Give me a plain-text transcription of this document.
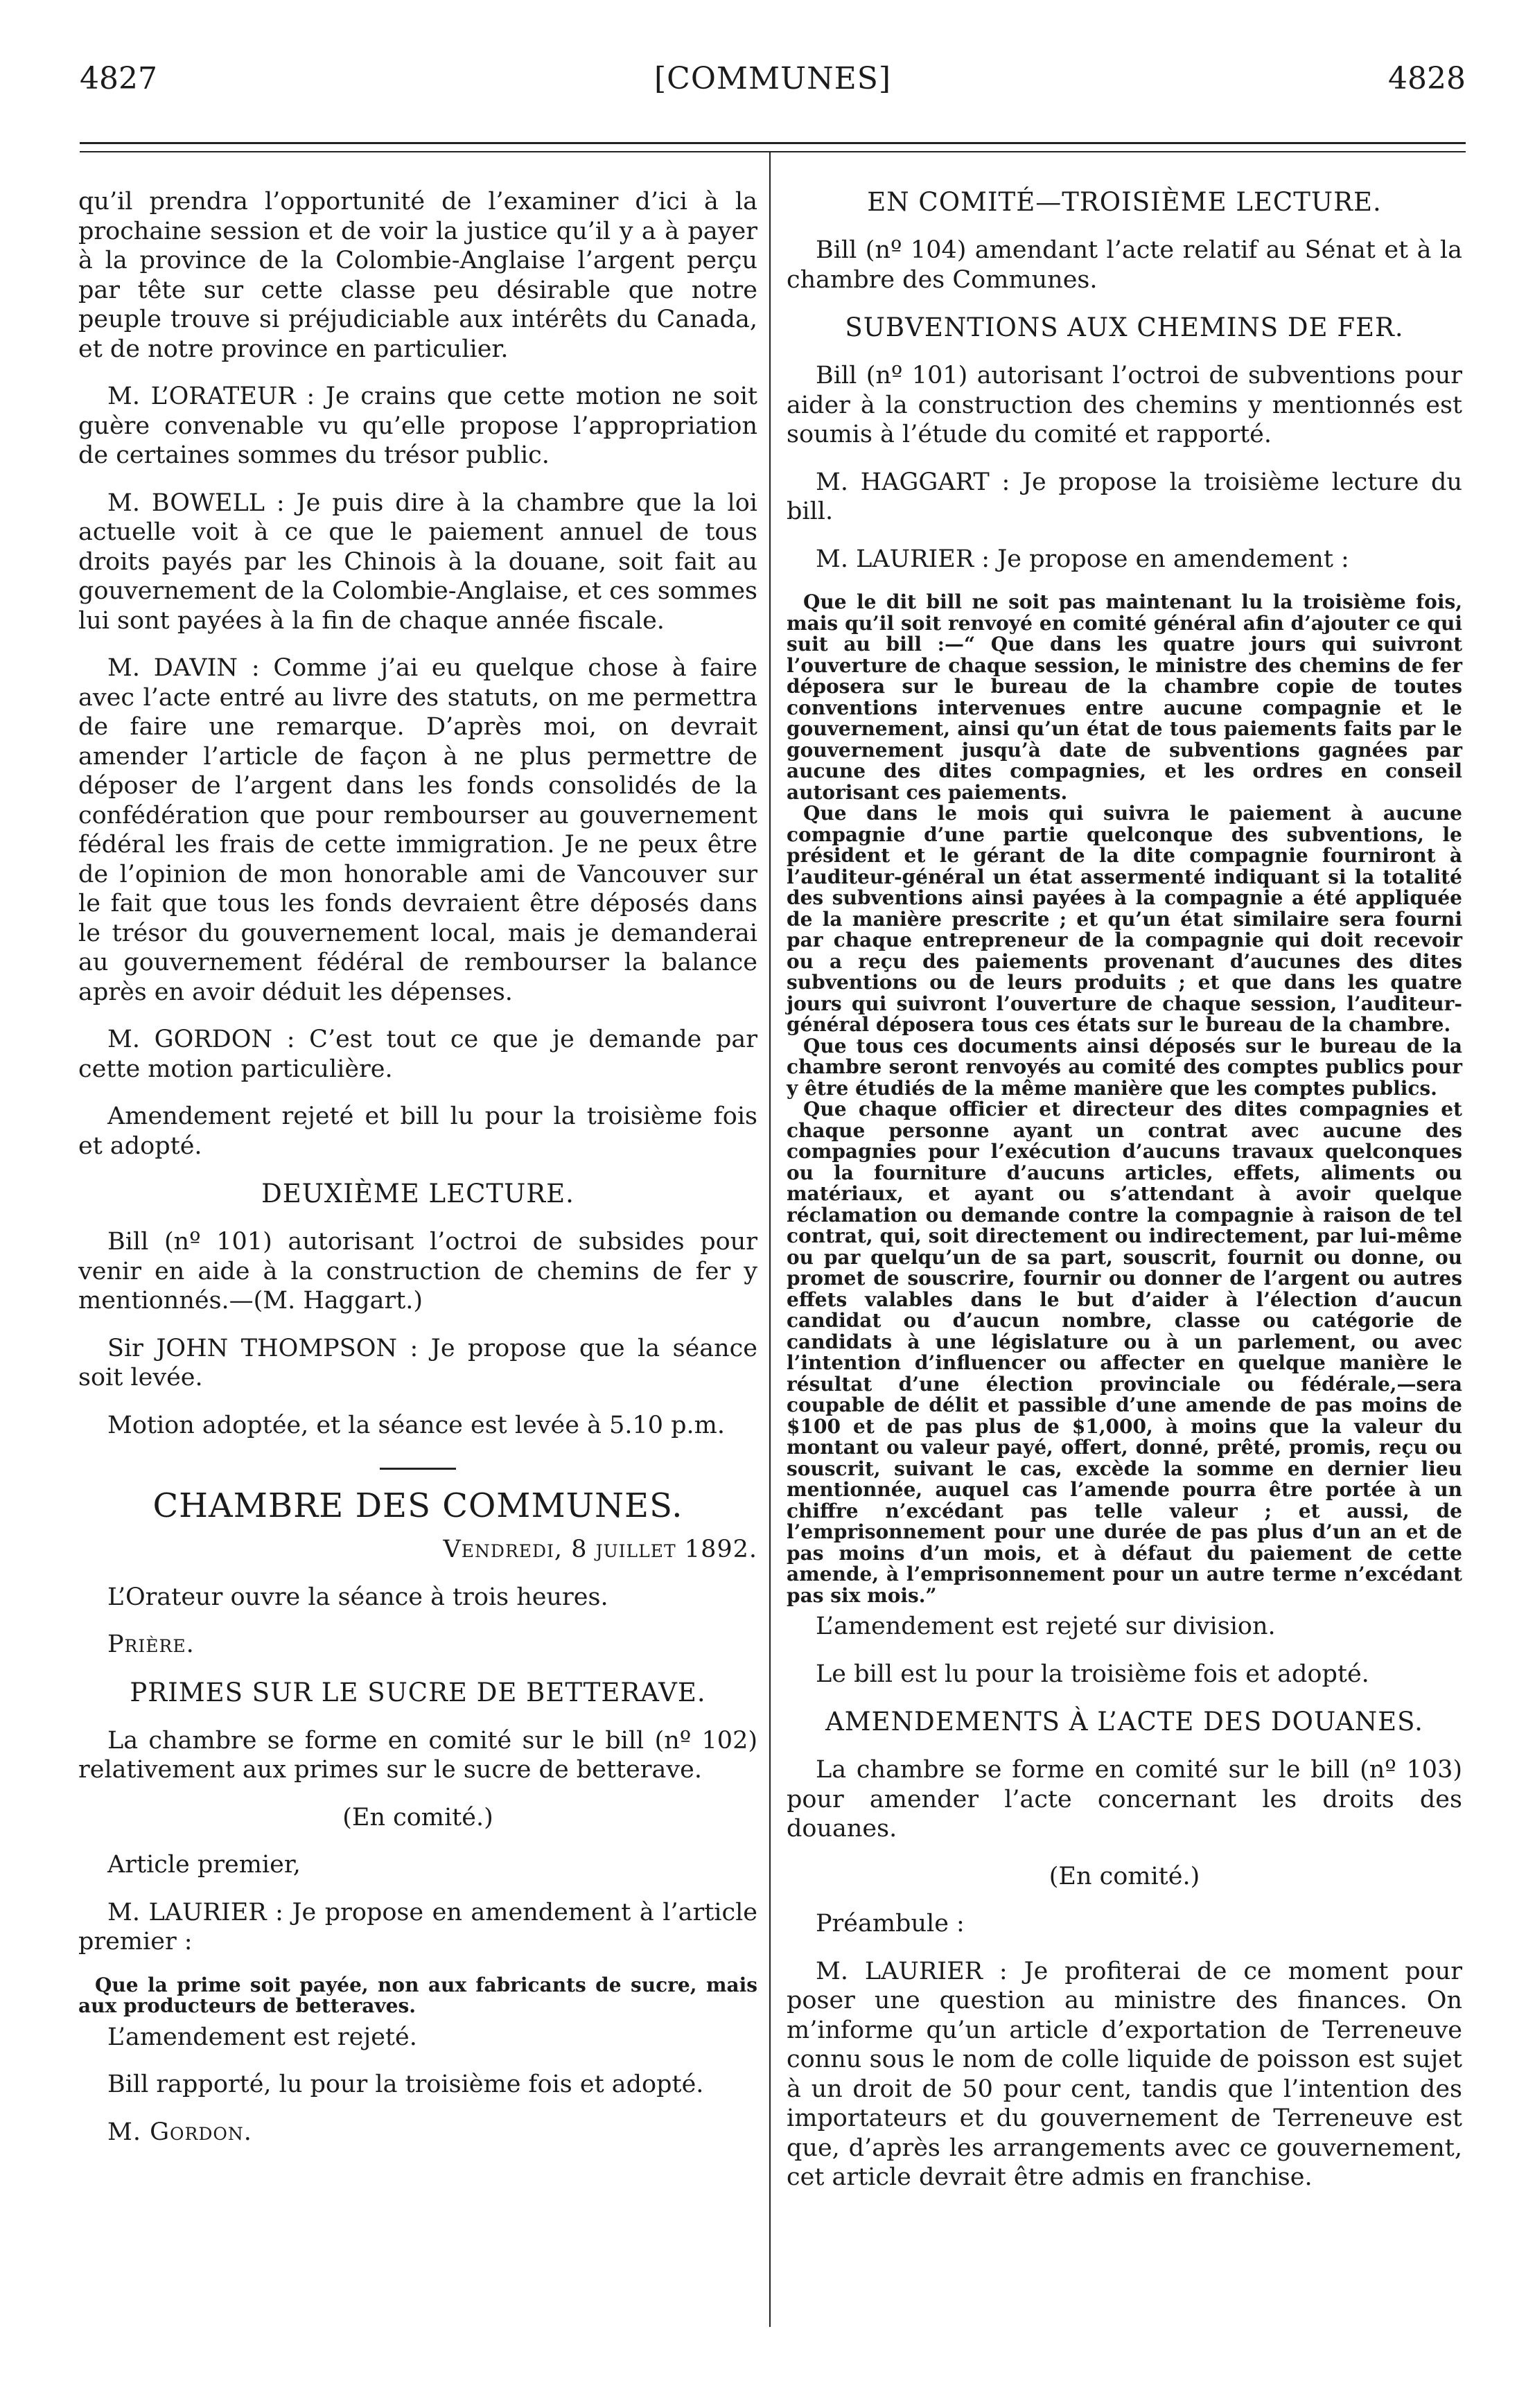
4827	[COMMUNES]	4828

qu’il prendra l’opportunité de l’examiner d’ici à la prochaine session et de voir la justice qu’il y a à payer à la province de la Colombie-Anglaise l’argent perçu par tête sur cette classe peu désirable que notre peuple trouve si préjudiciable aux intérêts du Canada, et de notre province en particulier.

M. L’ORATEUR : Je crains que cette motion ne soit guère convenable vu qu’elle propose l’appropriation de certaines sommes du trésor public.

M. BOWELL : Je puis dire à la chambre que la loi actuelle voit à ce que le paiement annuel de tous droits payés par les Chinois à la douane, soit fait au gouvernement de la Colombie-Anglaise, et ces sommes lui sont payées à la fin de chaque année fiscale.

M. DAVIN : Comme j’ai eu quelque chose à faire avec l’acte entré au livre des statuts, on me permettra de faire une remarque. D’après moi, on devrait amender l’article de façon à ne plus permettre de déposer de l’argent dans les fonds consolidés de la confédération que pour rembourser au gouvernement fédéral les frais de cette immigration. Je ne peux être de l’opinion de mon honorable ami de Vancouver sur le fait que tous les fonds devraient être déposés dans le trésor du gouvernement local, mais je demanderai au gouvernement fédéral de rembourser la balance après en avoir déduit les dépenses.

M. GORDON : C’est tout ce que je demande par cette motion particulière.

Amendement rejeté et bill lu pour la troisième fois et adopté.

DEUXIÈME LECTURE.

Bill (nº 101) autorisant l’octroi de subsides pour venir en aide à la construction de chemins de fer y mentionnés.—(M. Haggart.)

Sir JOHN THOMPSON : Je propose que la séance soit levée.

Motion adoptée, et la séance est levée à 5.10 p.m.

CHAMBRE DES COMMUNES.

Vendredi, 8 juillet 1892.

L’Orateur ouvre la séance à trois heures.

Prière.

PRIMES SUR LE SUCRE DE BETTERAVE.

La chambre se forme en comité sur le bill (nº 102) relativement aux primes sur le sucre de betterave.

(En comité.)

Article premier,

M. LAURIER : Je propose en amendement à l’article premier :

Que la prime soit payée, non aux fabricants de sucre, mais aux producteurs de betteraves.

L’amendement est rejeté.

Bill rapporté, lu pour la troisième fois et adopté.

M. Gordon.

EN COMITÉ—TROISIÈME LECTURE.

Bill (nº 104) amendant l’acte relatif au Sénat et à la chambre des Communes.

SUBVENTIONS AUX CHEMINS DE FER.

Bill (nº 101) autorisant l’octroi de subventions pour aider à la construction des chemins y mentionnés est soumis à l’étude du comité et rapporté.

M. HAGGART : Je propose la troisième lecture du bill.

M. LAURIER : Je propose en amendement :

Que le dit bill ne soit pas maintenant lu la troisième fois, mais qu’il soit renvoyé en comité général afin d’ajouter ce qui suit au bill :—“ Que dans les quatre jours qui suivront l’ouverture de chaque session, le ministre des chemins de fer déposera sur le bureau de la chambre copie de toutes conventions intervenues entre aucune compagnie et le gouvernement, ainsi qu’un état de tous paiements faits par le gouvernement jusqu’à date de subventions gagnées par aucune des dites compagnies, et les ordres en conseil autorisant ces paiements.

Que dans le mois qui suivra le paiement à aucune compagnie d’une partie quelconque des subventions, le président et le gérant de la dite compagnie fourniront à l’auditeur-général un état assermenté indiquant si la totalité des subventions ainsi payées à la compagnie a été appliquée de la manière prescrite ; et qu’un état similaire sera fourni par chaque entrepreneur de la compagnie qui doit recevoir ou a reçu des paiements provenant d’aucunes des dites subventions ou de leurs produits ; et que dans les quatre jours qui suivront l’ouverture de chaque session, l’auditeur-général déposera tous ces états sur le bureau de la chambre.

Que tous ces documents ainsi déposés sur le bureau de la chambre seront renvoyés au comité des comptes publics pour y être étudiés de la même manière que les comptes publics.

Que chaque officier et directeur des dites compagnies et chaque personne ayant un contrat avec aucune des compagnies pour l’exécution d’aucuns travaux quelconques ou la fourniture d’aucuns articles, effets, aliments ou matériaux, et ayant ou s’attendant à avoir quelque réclamation ou demande contre la compagnie à raison de tel contrat, qui, soit directement ou indirectement, par lui-même ou par quelqu’un de sa part, souscrit, fournit ou donne, ou promet de souscrire, fournir ou donner de l’argent ou autres effets valables dans le but d’aider à l’élection d’aucun candidat ou d’aucun nombre, classe ou catégorie de candidats à une législature ou à un parlement, ou avec l’intention d’influencer ou affecter en quelque manière le résultat d’une élection provinciale ou fédérale,—sera coupable de délit et passible d’une amende de pas moins de $100 et de pas plus de $1,000, à moins que la valeur du montant ou valeur payé, offert, donné, prêté, promis, reçu ou souscrit, suivant le cas, excède la somme en dernier lieu mentionnée, auquel cas l’amende pourra être portée à un chiffre n’excédant pas telle valeur ; et aussi, de l’emprisonnement pour une durée de pas plus d’un an et de pas moins d’un mois, et à défaut du paiement de cette amende, à l’emprisonnement pour un autre terme n’excédant pas six mois.”

L’amendement est rejeté sur division.

Le bill est lu pour la troisième fois et adopté.

AMENDEMENTS À L’ACTE DES DOUANES.

La chambre se forme en comité sur le bill (nº 103) pour amender l’acte concernant les droits des douanes.

(En comité.)

Préambule :

M. LAURIER : Je profiterai de ce moment pour poser une question au ministre des finances. On m’informe qu’un article d’exportation de Terreneuve connu sous le nom de colle liquide de poisson est sujet à un droit de 50 pour cent, tandis que l’intention des importateurs et du gouvernement de Terreneuve est que, d’après les arrangements avec ce gouvernement, cet article devrait être admis en franchise.
